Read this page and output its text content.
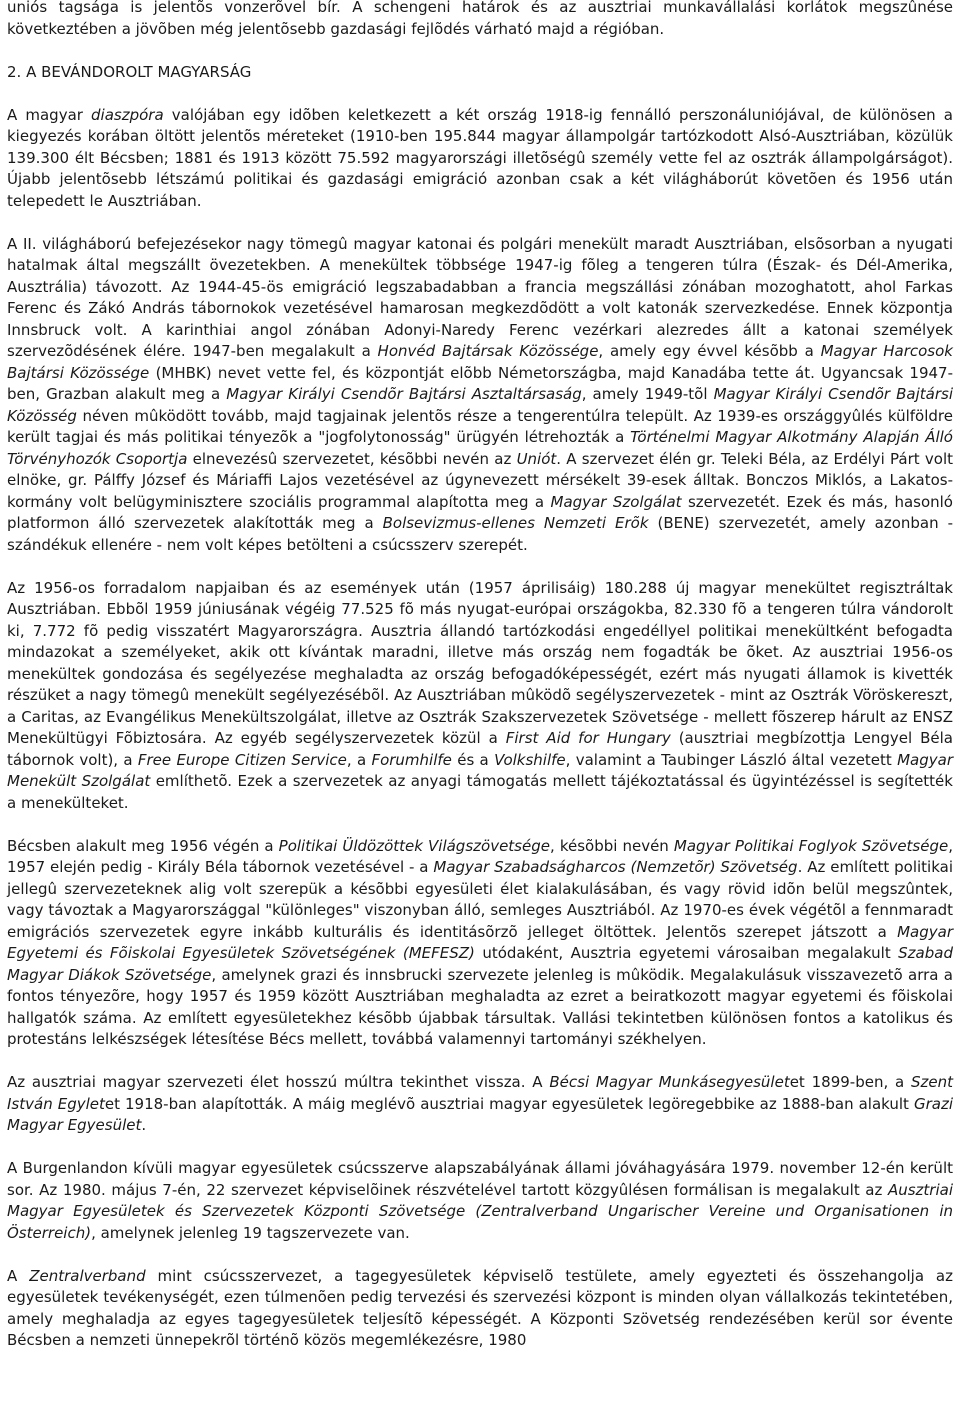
uniós tagsága is jelentõs vonzerõvel bír. A schengeni határok és az ausztriai munkavállalási korlátok megszûnése következtében a jövõben még jelentõsebb gazdasági fejlõdés várható majd a régióban.

2. A BEVÁNDOROLT MAGYARSÁG

A magyar diaszpóra valójában egy idõben keletkezett a két ország 1918-ig fennálló perszonáluniójával, de különösen a kiegyezés korában öltött jelentõs méreteket (1910-ben 195.844 magyar állampolgár tartózkodott Alsó-Ausztriában, közülük 139.300 élt Bécsben; 1881 és 1913 között 75.592 magyarországi illetõségû személy vette fel az osztrák állampolgárságot). Újabb jelentõsebb létszámú politikai és gazdasági emigráció azonban csak a két világháborút követõen és 1956 után telepedett le Ausztriában.

A II. világháború befejezésekor nagy tömegû magyar katonai és polgári menekült maradt Ausztriában, elsõsorban a nyugati hatalmak által megszállt övezetekben. A menekültek többsége 1947-ig fõleg a tengeren túlra (Észak- és Dél-Amerika, Ausztrália) távozott. Az 1944-45-ös emigráció legszabadabban a francia megszállási zónában mozoghatott, ahol Farkas Ferenc és Zákó András tábornokok vezetésével hamarosan megkezdõdött a volt katonák szervezkedése. Ennek központja Innsbruck volt. A karinthiai angol zónában Adonyi-Naredy Ferenc vezérkari alezredes állt a katonai személyek szervezõdésének élére. 1947-ben megalakult a Honvéd Bajtársak Közössége, amely egy évvel késõbb a Magyar Harcosok Bajtársi Közössége (MHBK) nevet vette fel, és központját elõbb Németországba, majd Kanadába tette át. Ugyancsak 1947-ben, Grazban alakult meg a Magyar Királyi Csendõr Bajtársi Asztaltársaság, amely 1949-tõl Magyar Királyi Csendõr Bajtársi Közösség néven mûködött tovább, majd tagjainak jelentõs része a tengerentúlra települt. Az 1939-es országgyûlés külföldre került tagjai és más politikai tényezõk a "jogfolytonosság" ürügyén létrehozták a Történelmi Magyar Alkotmány Alapján Álló Törvényhozók Csoportja elnevezésû szervezetet, késõbbi nevén az Uniót. A szervezet élén gr. Teleki Béla, az Erdélyi Párt volt elnöke, gr. Pálffy József és Máriaffi Lajos vezetésével az úgynevezett mérsékelt 39-esek álltak. Bonczos Miklós, a Lakatos-kormány volt belügyminisztere szociális programmal alapította meg a Magyar Szolgálat szervezetét. Ezek és más, hasonló platformon álló szervezetek alakították meg a Bolsevizmus-ellenes Nemzeti Erõk (BENE) szervezetét, amely azonban - szándékuk ellenére - nem volt képes betölteni a csúcsszerv szerepét.

Az 1956-os forradalom napjaiban és az események után (1957 áprilisáig) 180.288 új magyar menekültet regisztráltak Ausztriában. Ebbõl 1959 júniusának végéig 77.525 fõ más nyugat-európai országokba, 82.330 fõ a tengeren túlra vándorolt ki, 7.772 fõ pedig visszatért Magyarországra. Ausztria állandó tartózkodási engedéllyel politikai menekültként befogadta mindazokat a személyeket, akik ott kívántak maradni, illetve más ország nem fogadták be õket. Az ausztriai 1956-os menekültek gondozása és segélyezése meghaladta az ország befogadóképességét, ezért más nyugati államok is kivették részüket a nagy tömegû menekült segélyezésébõl. Az Ausztriában mûködõ segélyszervezetek - mint az Osztrák Vöröskereszt, a Caritas, az Evangélikus Menekültszolgálat, illetve az Osztrák Szakszervezetek Szövetsége - mellett fõszerep hárult az ENSZ Menekültügyi Fõbiztosára. Az egyéb segélyszervezetek közül a First Aid for Hungary (ausztriai megbízottja Lengyel Béla tábornok volt), a Free Europe Citizen Service, a Forumhilfe és a Volkshilfe, valamint a Taubinger László által vezetett Magyar Menekült Szolgálat említhetõ. Ezek a szervezetek az anyagi támogatás mellett tájékoztatással és ügyintézéssel is segítették a menekülteket.

Bécsben alakult meg 1956 végén a Politikai Üldözöttek Világszövetsége, késõbbi nevén Magyar Politikai Foglyok Szövetsége, 1957 elején pedig - Király Béla tábornok vezetésével - a Magyar Szabadságharcos (Nemzetõr) Szövetség. Az említett politikai jellegû szervezeteknek alig volt szerepük a késõbbi egyesületi élet kialakulásában, és vagy rövid idõn belül megszûntek, vagy távoztak a Magyarországgal "különleges" viszonyban álló, semleges Ausztriából. Az 1970-es évek végétõl a fennmaradt emigrációs szervezetek egyre inkább kulturális és identitásõrzõ jelleget öltöttek. Jelentõs szerepet játszott a Magyar Egyetemi és Fõiskolai Egyesületek Szövetségének (MEFESZ) utódaként, Ausztria egyetemi városaiban megalakult Szabad Magyar Diákok Szövetsége, amelynek grazi és innsbrucki szervezete jelenleg is mûködik. Megalakulásuk visszavezetõ arra a fontos tényezõre, hogy 1957 és 1959 között Ausztriában meghaladta az ezret a beiratkozott magyar egyetemi és fõiskolai hallgatók száma. Az említett egyesületekhez késõbb újabbak társultak. Vallási tekintetben különösen fontos a katolikus és protestáns lelkészségek létesítése Bécs mellett, továbbá valamennyi tartományi székhelyen.

Az ausztriai magyar szervezeti élet hosszú múltra tekinthet vissza. A Bécsi Magyar Munkásegyesületet 1899-ben, a Szent István Egyletet 1918-ban alapították. A máig meglévõ ausztriai magyar egyesületek legöregebbike az 1888-ban alakult Grazi Magyar Egyesület.

A Burgenlandon kívüli magyar egyesületek csúcsszerve alapszabályának állami jóváhagyására 1979. november 12-én került sor. Az 1980. május 7-én, 22 szervezet képviselõinek részvételével tartott közgyûlésen formálisan is megalakult az Ausztriai Magyar Egyesületek és Szervezetek Központi Szövetsége (Zentralverband Ungarischer Vereine und Organisationen in Österreich), amelynek jelenleg 19 tagszervezete van.

A Zentralverband mint csúcsszervezet, a tagegyesületek képviselõ testülete, amely egyezteti és összehangolja az egyesületek tevékenységét, ezen túlmenõen pedig tervezési és szervezési központ is minden olyan vállalkozás tekintetében, amely meghaladja az egyes tagegyesületek teljesítõ képességét. A Központi Szövetség rendezésében kerül sor évente Bécsben a nemzeti ünnepekrõl történõ közös megemlékezésre, 1980
